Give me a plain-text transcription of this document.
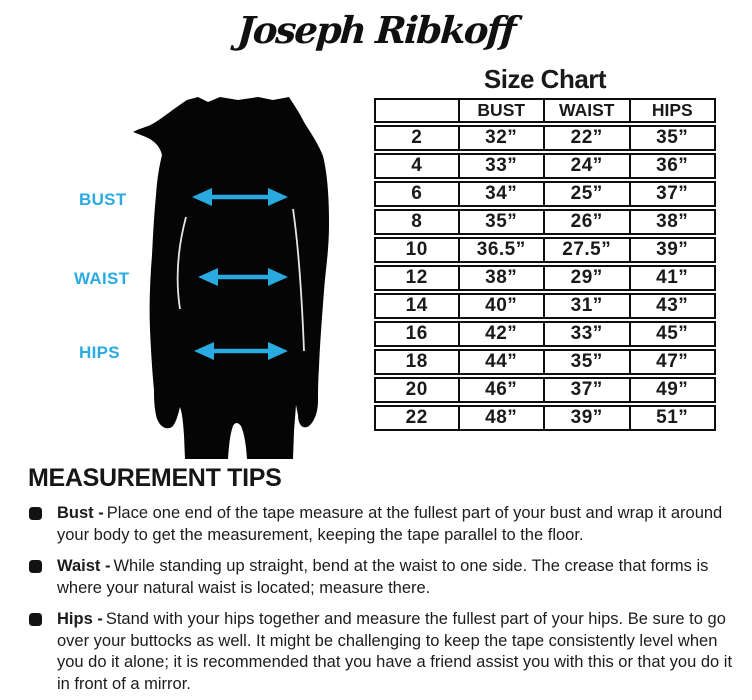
Joseph Ribkoff
Size Chart
	BUST	WAIST	HIPS
2	32”	22”	35”
4	33”	24”	36”
6	34”	25”	37”
8	35”	26”	38”
10	36.5”	27.5”	39”
12	38”	29”	41”
14	40”	31”	43”
16	42”	33”	45”
18	44”	35”	47”
20	46”	37”	49”
22	48”	39”	51”
BUST
WAIST
HIPS
MEASUREMENT TIPS
Bust - Place one end of the tape measure at the fullest part of your bust and wrap it around your body to get the measurement, keeping the tape parallel to the floor.
Waist - While standing up straight, bend at the waist to one side. The crease that forms is where your natural waist is located; measure there.
Hips - Stand with your hips together and measure the fullest part of your hips. Be sure to go over your buttocks as well. It might be challenging to keep the tape consistently level when you do it alone; it is recommended that you have a friend assist you with this or that you do it in front of a mirror.
